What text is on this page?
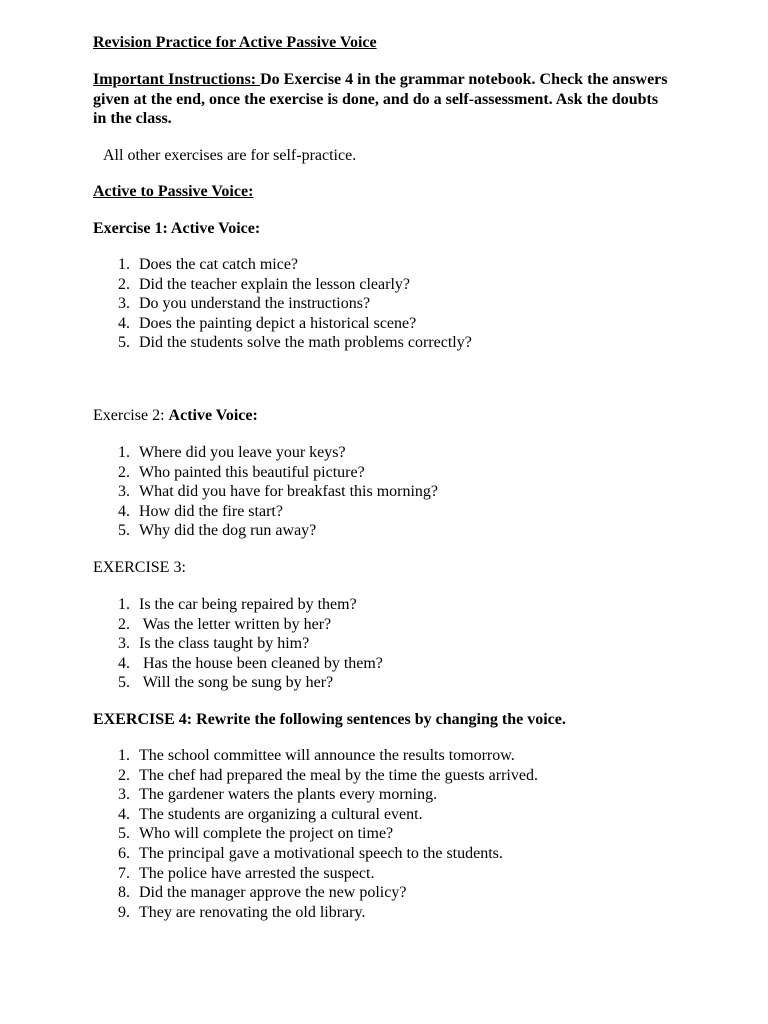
Revision Practice for Active Passive Voice

Important Instructions: Do Exercise 4 in the grammar notebook. Check the answers given at the end, once the exercise is done, and do a self-assessment. Ask the doubts in the class.

All other exercises are for self-practice.

Active to Passive Voice:

Exercise 1: Active Voice:

1. Does the cat catch mice?
2. Did the teacher explain the lesson clearly?
3. Do you understand the instructions?
4. Does the painting depict a historical scene?
5. Did the students solve the math problems correctly?

Exercise 2: Active Voice:

1. Where did you leave your keys?
2. Who painted this beautiful picture?
3. What did you have for breakfast this morning?
4. How did the fire start?
5. Why did the dog run away?

EXERCISE 3:

1. Is the car being repaired by them?
2. Was the letter written by her?
3. Is the class taught by him?
4. Has the house been cleaned by them?
5. Will the song be sung by her?

EXERCISE 4: Rewrite the following sentences by changing the voice.

1. The school committee will announce the results tomorrow.
2. The chef had prepared the meal by the time the guests arrived.
3. The gardener waters the plants every morning.
4. The students are organizing a cultural event.
5. Who will complete the project on time?
6. The principal gave a motivational speech to the students.
7. The police have arrested the suspect.
8. Did the manager approve the new policy?
9. They are renovating the old library.
